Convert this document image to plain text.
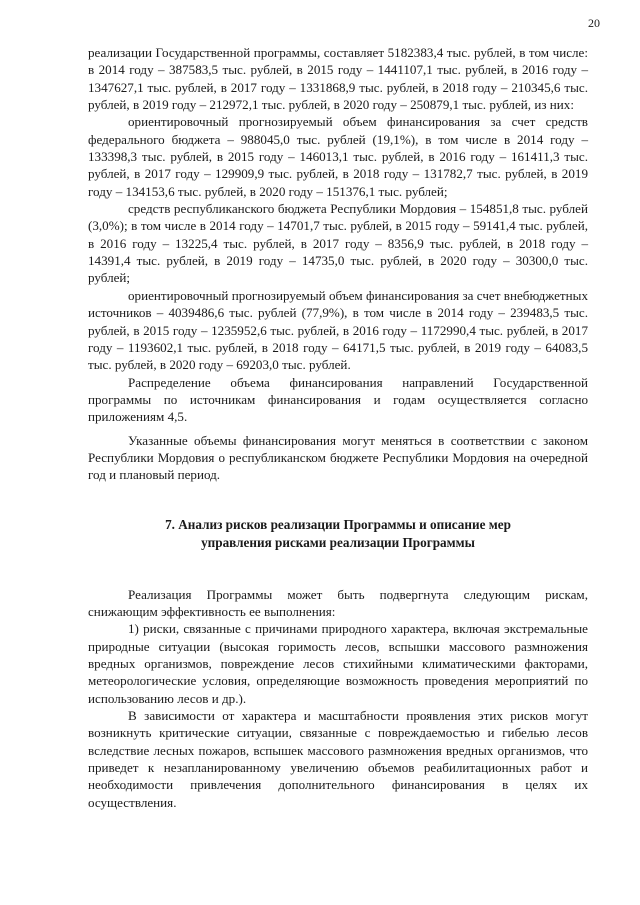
20

реализации Государственной программы, составляет 5182383,4 тыс. рублей, в том числе: в 2014 году – 387583,5 тыс. рублей, в 2015 году – 1441107,1 тыс. рублей, в 2016 году – 1347627,1 тыс. рублей, в 2017 году – 1331868,9 тыс. рублей, в 2018 году – 210345,6 тыс. рублей, в 2019 году – 212972,1 тыс. рублей, в 2020 году – 250879,1 тыс. рублей, из них:

ориентировочный прогнозируемый объем финансирования за счет средств федерального бюджета – 988045,0 тыс. рублей (19,1%), в том числе в 2014 году – 133398,3 тыс. рублей, в 2015 году – 146013,1 тыс. рублей, в 2016 году – 161411,3 тыс. рублей, в 2017 году – 129909,9 тыс. рублей, в 2018 году – 131782,7 тыс. рублей, в 2019 году – 134153,6 тыс. рублей, в 2020 году – 151376,1 тыс. рублей;

средств республиканского бюджета Республики Мордовия – 154851,8 тыс. рублей (3,0%); в том числе в 2014 году – 14701,7 тыс. рублей, в 2015 году – 59141,4 тыс. рублей, в 2016 году – 13225,4 тыс. рублей, в 2017 году – 8356,9 тыс. рублей, в 2018 году – 14391,4 тыс. рублей, в 2019 году – 14735,0 тыс. рублей, в 2020 году – 30300,0 тыс. рублей;

ориентировочный прогнозируемый объем финансирования за счет внебюджетных источников – 4039486,6 тыс. рублей (77,9%), в том числе в 2014 году – 239483,5 тыс. рублей, в 2015 году – 1235952,6 тыс. рублей, в 2016 году – 1172990,4 тыс. рублей, в 2017 году – 1193602,1 тыс. рублей, в 2018 году – 64171,5 тыс. рублей, в 2019 году – 64083,5 тыс. рублей, в 2020 году – 69203,0 тыс. рублей.

Распределение объема финансирования направлений Государственной программы по источникам финансирования и годам осуществляется согласно приложениям 4,5.

Указанные объемы финансирования могут меняться в соответствии с законом Республики Мордовия о республиканском бюджете Республики Мордовия на очередной год и плановый период.

7. Анализ рисков реализации Программы и описание мер
управления рисками реализации Программы

Реализация Программы может быть подвергнута следующим рискам, снижающим эффективность ее выполнения:

1) риски, связанные с причинами природного характера, включая экстремальные природные ситуации (высокая горимость лесов, вспышки массового размножения вредных организмов, повреждение лесов стихийными климатическими факторами, метеорологические условия, определяющие возможность проведения мероприятий по использованию лесов и др.).

В зависимости от характера и масштабности проявления этих рисков могут возникнуть критические ситуации, связанные с повреждаемостью и гибелью лесов вследствие лесных пожаров, вспышек массового размножения вредных организмов, что приведет к незапланированному увеличению объемов реабилитационных работ и необходимости привлечения дополнительного финансирования в целях их осуществления.
